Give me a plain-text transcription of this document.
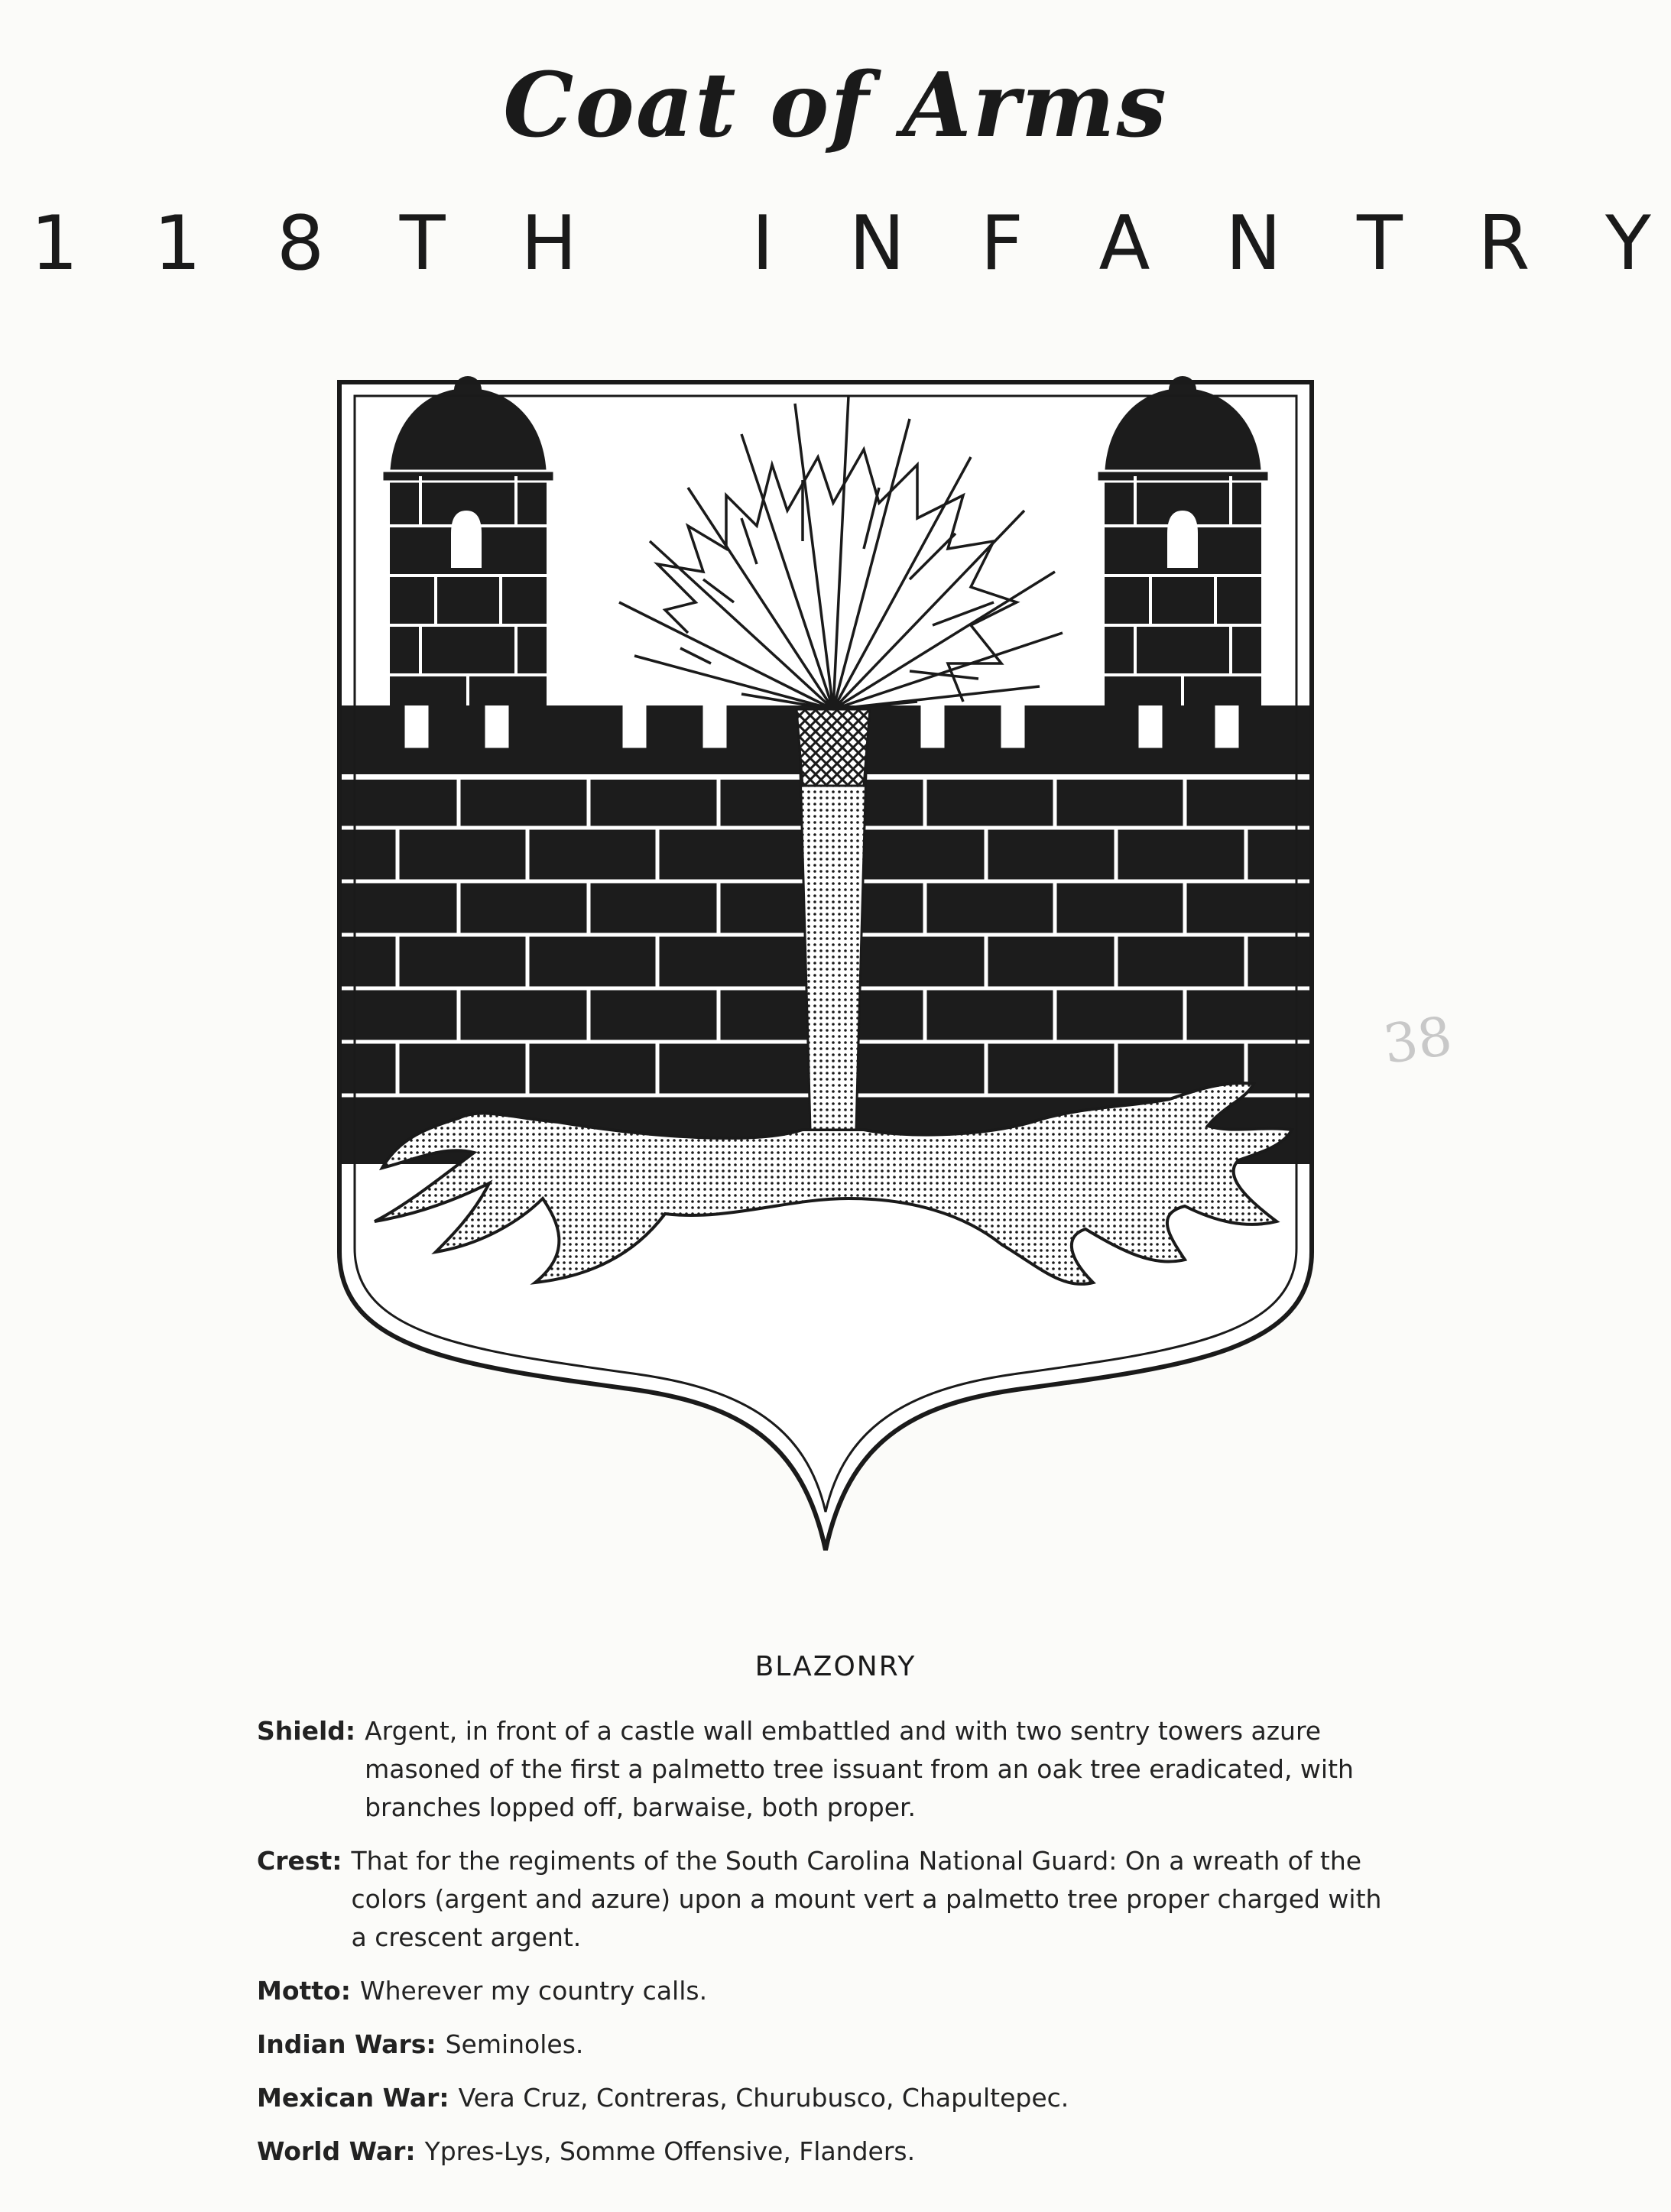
Coat of Arms
1 1 8 T H
I N F A N T R Y
38
BLAZONRY
Shield: Argent, in front of a castle wall embattled and with two sentry towers azure masoned of the first a palmetto tree issuant from an oak tree eradicated, with branches lopped off, barwaise, both proper.
Crest: That for the regiments of the South Carolina National Guard: On a wreath of the colors (argent and azure) upon a mount vert a palmetto tree proper charged with a crescent argent.
Motto: Wherever my country calls.
Indian Wars: Seminoles.
Mexican War: Vera Cruz, Contreras, Churubusco, Chapultepec.
World War: Ypres-Lys, Somme Offensive, Flanders.
